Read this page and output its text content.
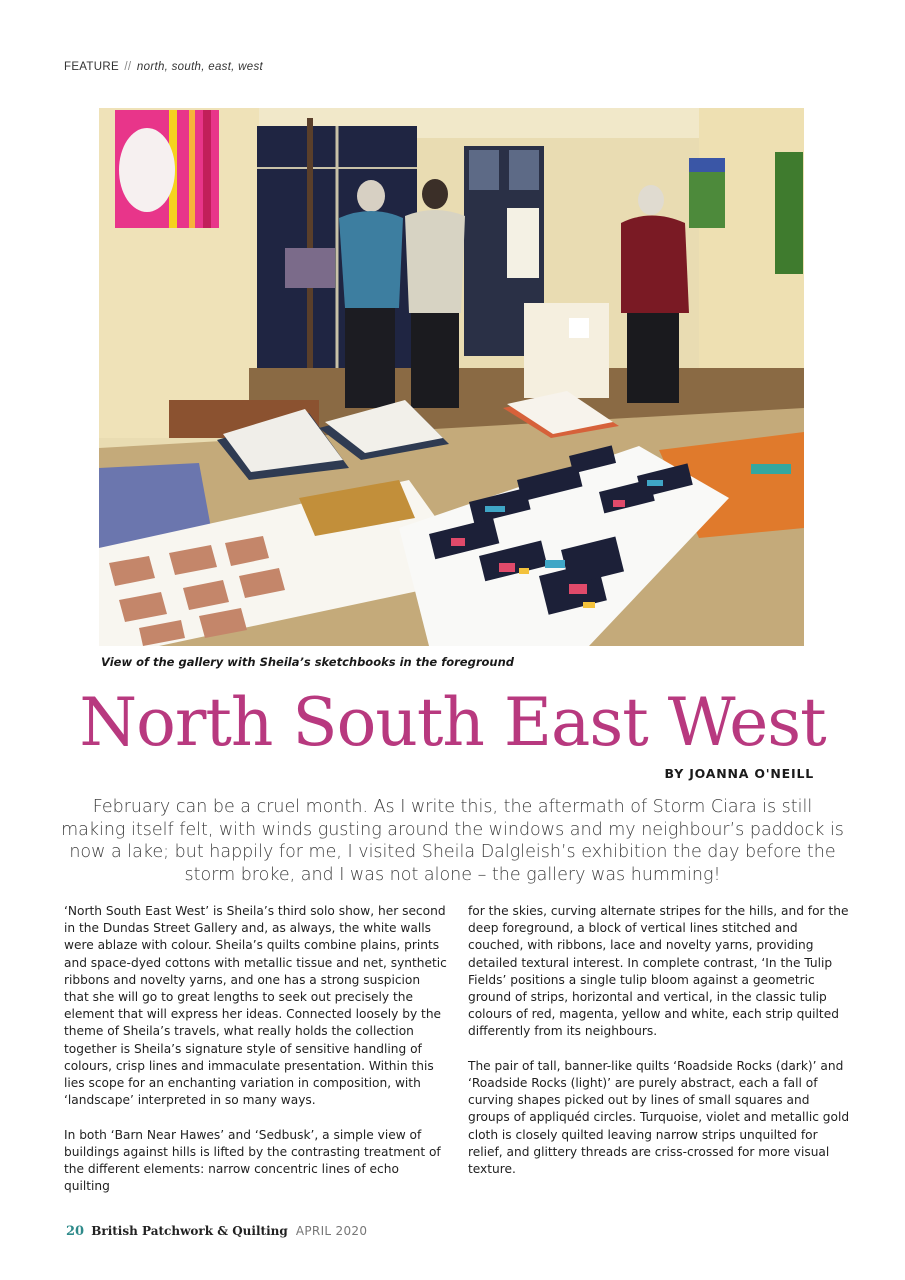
FEATURE // north, south, east, west
View of the gallery with Sheila’s sketchbooks in the foreground
North South East West
BY JOANNA O'NEILL

February can be a cruel month. As I write this, the aftermath of Storm Ciara is still making itself felt, with winds gusting around the windows and my neighbour’s paddock is now a lake; but happily for me, I visited Sheila Dalgleish’s exhibition the day before the storm broke, and I was not alone – the gallery was humming!

‘North South East West’ is Sheila’s third solo show, her second in the Dundas Street Gallery and, as always, the white walls were ablaze with colour. Sheila’s quilts combine plains, prints and space-dyed cottons with metallic tissue and net, synthetic ribbons and novelty yarns, and one has a strong suspicion that she will go to great lengths to seek out precisely the element that will express her ideas. Connected loosely by the theme of Sheila’s travels, what really holds the collection together is Sheila’s signature style of sensitive handling of colours, crisp lines and immaculate presentation. Within this lies scope for an enchanting variation in composition, with ‘landscape’ interpreted in so many ways.

In both ‘Barn Near Hawes’ and ‘Sedbusk’, a simple view of buildings against hills is lifted by the contrasting treatment of the different elements: narrow concentric lines of echo quilting

for the skies, curving alternate stripes for the hills, and for the deep foreground, a block of vertical lines stitched and couched, with ribbons, lace and novelty yarns, providing detailed textural interest. In complete contrast, ‘In the Tulip Fields’ positions a single tulip bloom against a geometric ground of strips, horizontal and vertical, in the classic tulip colours of red, magenta, yellow and white, each strip quilted differently from its neighbours.

The pair of tall, banner-like quilts ‘Roadside Rocks (dark)’ and ‘Roadside Rocks (light)’ are purely abstract, each a fall of curving shapes picked out by lines of small squares and groups of appliquéd circles. Turquoise, violet and metallic gold cloth is closely quilted leaving narrow strips unquilted for relief, and glittery threads are criss-crossed for more visual texture.

20 British Patchwork & Quilting APRIL 2020
